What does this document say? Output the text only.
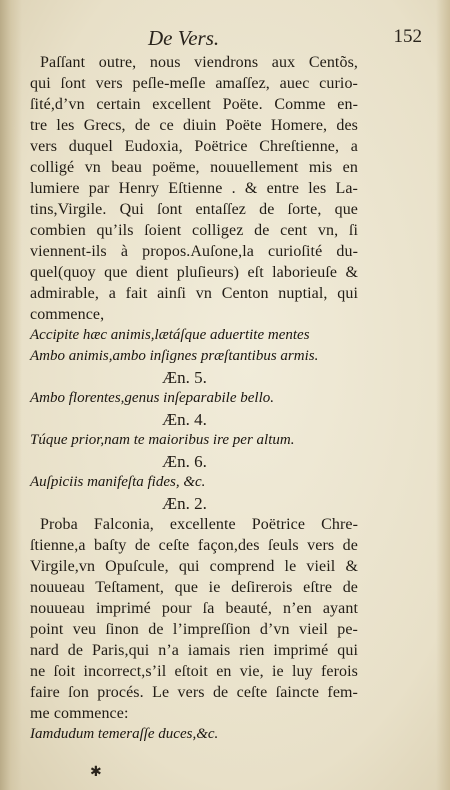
De Vers.	152
Paſſant outre, nous viendrons aux Centõs,
qui ſont vers peſle-meſle amaſſez, auec curio-
ſité,d’vn certain excellent Poëte. Comme en-
tre les Grecs, de ce diuin Poëte Homere, des
vers duquel Eudoxia, Poëtrice Chreſtienne, a
colligé vn beau poëme, nouuellement mis en
lumiere par Henry Eſtienne . & entre les La-
tins,Virgile. Qui ſont entaſſez de ſorte, que
combien qu’ils ſoient colligez de cent vn, ſi
viennent-ils à propos.Auſone,la curioſité du-
quel(quoy que dient pluſieurs) eſt laborieuſe &
admirable, a fait ainſi vn Centon nuptial, qui
commence,
Accipite hæc animis,lætáſque aduertite mentes
Ambo animis,ambo inſignes præſtantibus armis.
Æn. 5.
Ambo florentes,genus inſeparabile bello.
Æn. 4.
Túque prior,nam te maioribus ire per altum.
Æn. 6.
Auſpiciis manifeſta fides, &c.
Æn. 2.
Proba Falconia, excellente Poëtrice Chre-
ſtienne,a baſty de ceſte façon,des ſeuls vers de
Virgile,vn Opuſcule, qui comprend le vieil &
nouueau Teſtament, que ie deſirerois eſtre de
nouueau imprimé pour ſa beauté, n’en ayant
point veu ſinon de l’impreſſion d’vn vieil pe-
nard de Paris,qui n’a iamais rien imprimé qui
ne ſoit incorrect,s’il eſtoit en vie, ie luy ferois
faire ſon procés. Le vers de ceſte ſaincte fem-
me commence:
Iamdudum temeraſſe duces,&c.
✱
